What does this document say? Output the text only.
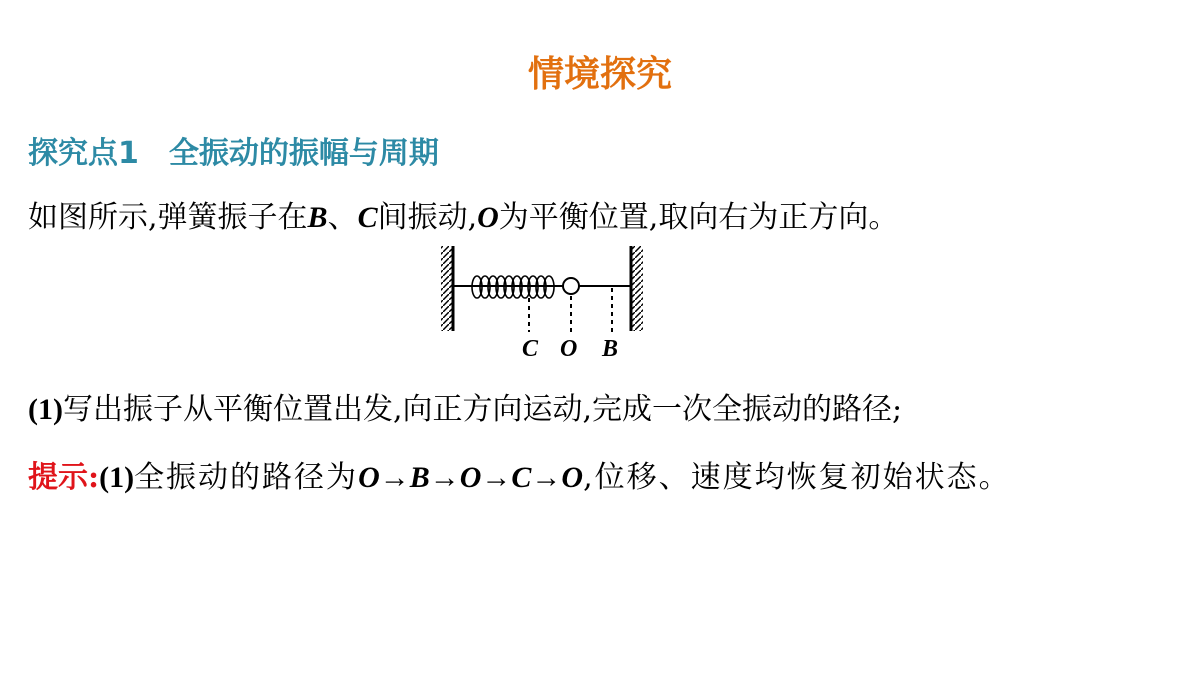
情境探究
探究点1 全振动的振幅与周期
如图所示,弹簧振子在B、C间振动,O为平衡位置,取向右为正方向。
C O B
(1)写出振子从平衡位置出发,向正方向运动,完成一次全振动的路径;
提示:(1)全振动的路径为O→B→O→C→O,位移、速度均恢复初始状态。
